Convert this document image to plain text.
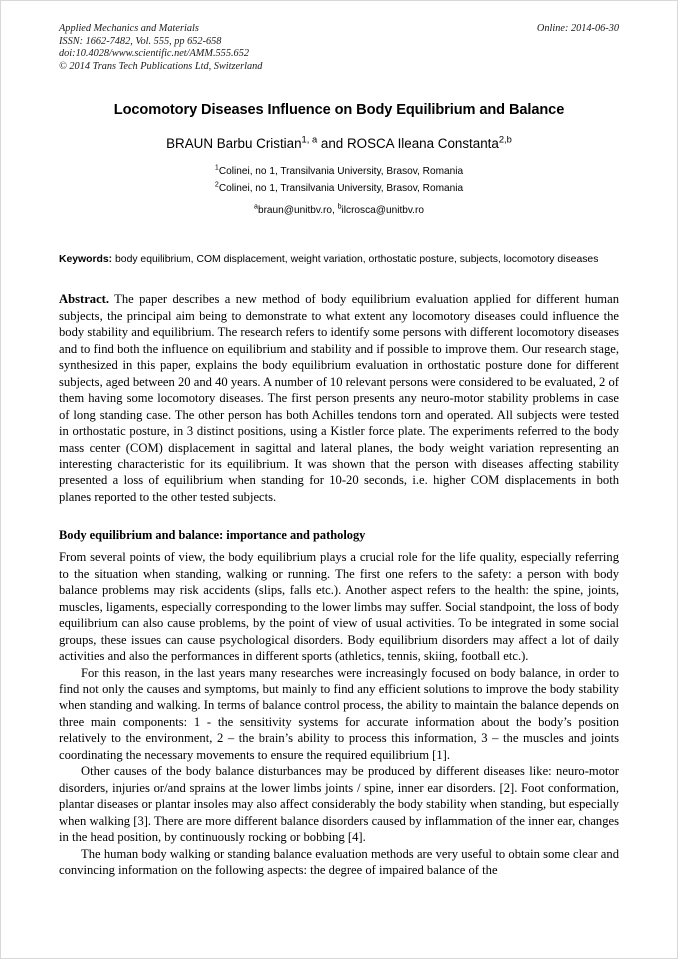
Applied Mechanics and Materials
ISSN: 1662-7482, Vol. 555, pp 652-658
doi:10.4028/www.scientific.net/AMM.555.652
© 2014 Trans Tech Publications Ltd, Switzerland
Online: 2014-06-30
Locomotory Diseases Influence on Body Equilibrium and Balance
BRAUN Barbu Cristian$^{1, a}$ and ROSCA Ileana Constanta$^{2,b}$
$^1$Colinei, no 1, Transilvania University, Brasov, Romania
$^2$Colinei, no 1, Transilvania University, Brasov, Romania
$^a$braun@unitbv.ro, $^b$ilcrosca@unitbv.ro

Keywords: body equilibrium, COM displacement, weight variation, orthostatic posture, subjects, locomotory diseases

Abstract. The paper describes a new method of body equilibrium evaluation applied for different human subjects, the principal aim being to demonstrate to what extent any locomotory diseases could influence the body stability and equilibrium. The research refers to identify some persons with different locomotory diseases and to find both the influence on equilibrium and stability and if possible to improve them. Our research stage, synthesized in this paper, explains the body equilibrium evaluation in orthostatic posture done for different subjects, aged between 20 and 40 years. A number of 10 relevant persons were considered to be evaluated, 2 of them having some locomotory diseases. The first person presents any neuro-motor stability problems in case of long standing case. The other person has both Achilles tendons torn and operated. All subjects were tested in orthostatic posture, in 3 distinct positions, using a Kistler force plate. The experiments referred to the body mass center (COM) displacement in sagittal and lateral planes, the body weight variation representing an interesting characteristic for its equilibrium. It was shown that the person with diseases affecting stability presented a loss of equilibrium when standing for 10-20 seconds, i.e. higher COM displacements in both planes reported to the other tested subjects.

Body equilibrium and balance: importance and pathology

From several points of view, the body equilibrium plays a crucial role for the life quality, especially referring to the situation when standing, walking or running. The first one refers to the safety: a person with body balance problems may risk accidents (slips, falls etc.). Another aspect refers to the health: the spine, joints, muscles, ligaments, especially corresponding to the lower limbs may suffer. Social standpoint, the loss of body equilibrium can also cause problems, by the point of view of usual activities. To be integrated in some social groups, these issues can cause psychological disorders. Body equilibrium disorders may affect a lot of daily activities and also the performances in different sports (athletics, tennis, skiing, football etc.).

For this reason, in the last years many researches were increasingly focused on body balance, in order to find not only the causes and symptoms, but mainly to find any efficient solutions to improve the body stability when standing and walking. In terms of balance control process, the ability to maintain the balance depends on three main components: 1 - the sensitivity systems for accurate information about the body’s position relatively to the environment, 2 – the brain’s ability to process this information, 3 – the muscles and joints coordinating the necessary movements to ensure the required equilibrium [1].

Other causes of the body balance disturbances may be produced by different diseases like: neuro-motor disorders, injuries or/and sprains at the lower limbs joints / spine, inner ear disorders. [2]. Foot conformation, plantar diseases or plantar insoles may also affect considerably the body stability when standing, but especially when walking [3]. There are more different balance disorders caused by inflammation of the inner ear, changes in the head position, by continuously rocking or bobbing [4].

The human body walking or standing balance evaluation methods are very useful to obtain some clear and convincing information on the following aspects: the degree of impaired balance of the
